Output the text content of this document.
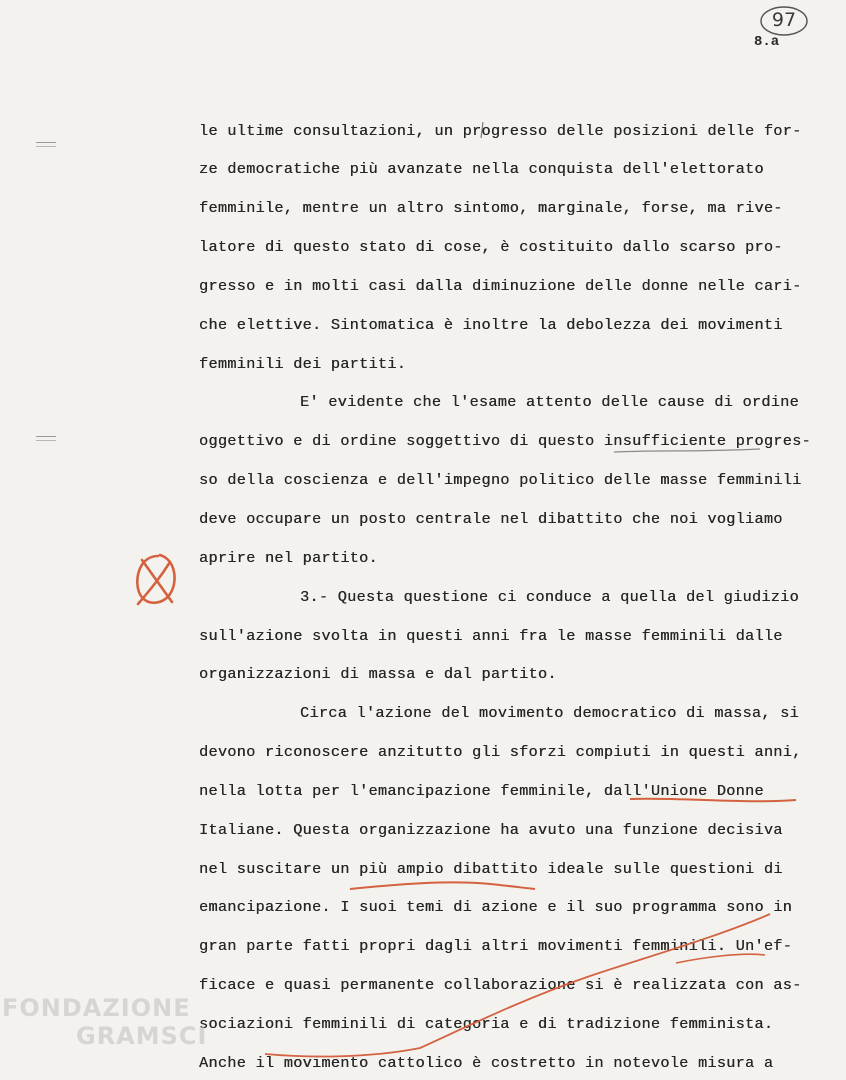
97
8.a
le ultime consultazioni, un progresso delle posizioni delle for-
ze democratiche più avanzate nella conquista dell'elettorato
femminile, mentre un altro sintomo, marginale, forse, ma rive-
latore di questo stato di cose, è costituito dallo scarso pro-
gresso e in molti casi dalla diminuzione delle donne nelle cari-
che elettive. Sintomatica è inoltre la debolezza dei movimenti
femminili dei partiti.
E' evidente che l'esame attento delle cause di ordine
oggettivo e di ordine soggettivo di questo insufficiente progres-
so della coscienza e dell'impegno politico delle masse femminili
deve occupare un posto centrale nel dibattito che noi vogliamo
aprire nel partito.
3.- Questa questione ci conduce a quella del giudizio
sull'azione svolta in questi anni fra le masse femminili dalle
organizzazioni di massa e dal partito.
Circa l'azione del movimento democratico di massa, si
devono riconoscere anzitutto gli sforzi compiuti in questi anni,
nella lotta per l'emancipazione femminile, dall'Unione Donne
Italiane. Questa organizzazione ha avuto una funzione decisiva
nel suscitare un più ampio dibattito ideale sulle questioni di
emancipazione. I suoi temi di azione e il suo programma sono in
gran parte fatti propri dagli altri movimenti femminili. Un'ef-
ficace e quasi permanente collaborazione si è realizzata con as-
sociazioni femminili di categoria e di tradizione femminista.
Anche il movimento cattolico è costretto in notevole misura a
FONDAZIONE
GRAMSCI
